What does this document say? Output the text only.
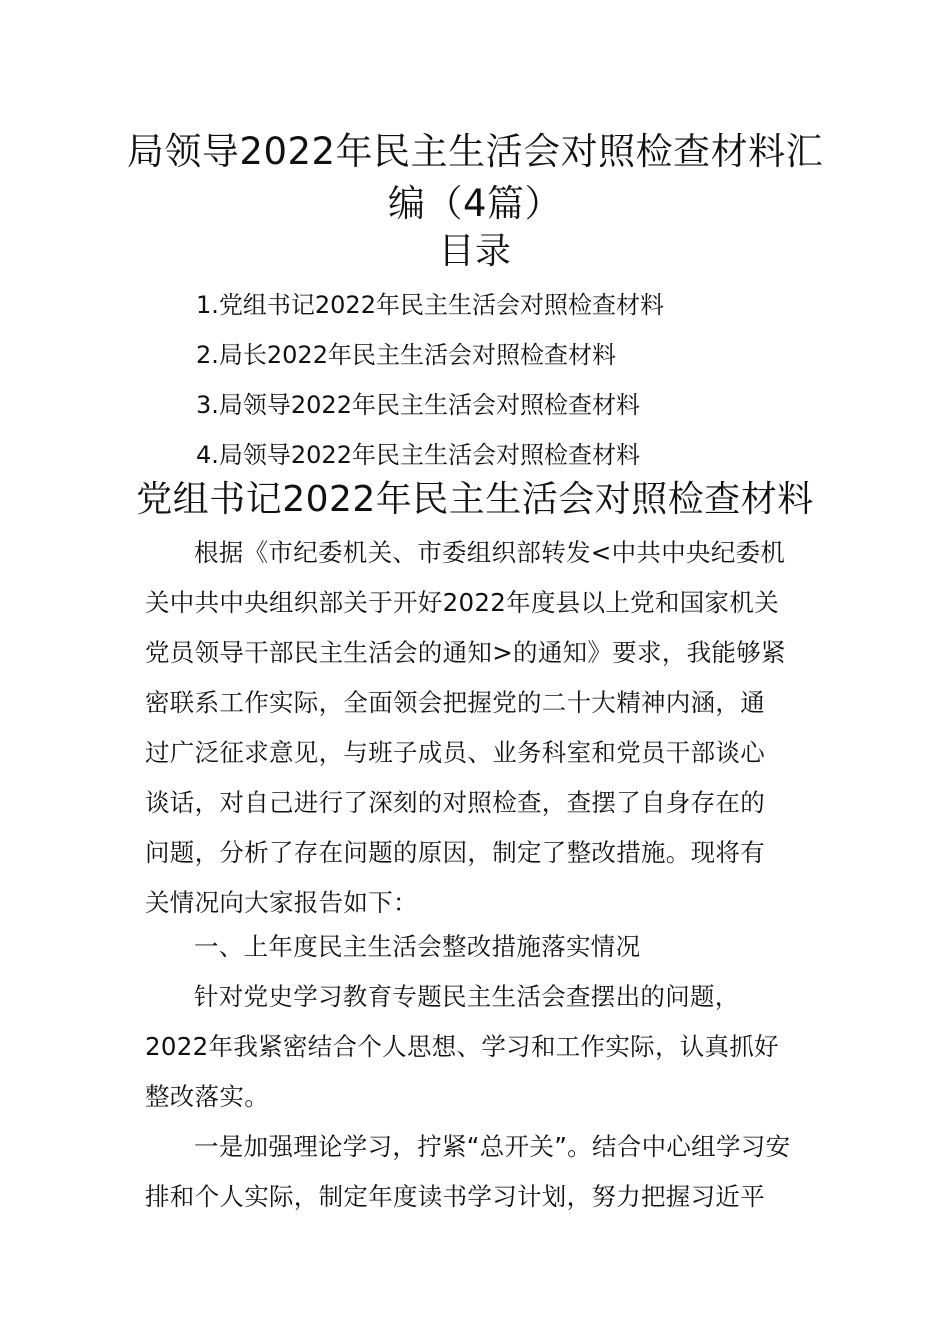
局领导2022年民主生活会对照检查材料汇
编（4篇）
目录
1.党组书记2022年民主生活会对照检查材料
2.局长2022年民主生活会对照检查材料
3.局领导2022年民主生活会对照检查材料
4.局领导2022年民主生活会对照检查材料
党组书记2022年民主生活会对照检查材料

根据《市纪委机关、市委组织部转发<中共中央纪委机

关中共中央组织部关于开好2022年度县以上党和国家机关
党员领导干部民主生活会的通知>的通知》要求，我能够紧
密联系工作实际，全面领会把握党的二十大精神内涵，通
过广泛征求意见，与班子成员、业务科室和党员干部谈心
谈话，对自己进行了深刻的对照检查，查摆了自身存在的
问题，分析了存在问题的原因，制定了整改措施。现将有
关情况向大家报告如下：

一、上年度民主生活会整改措施落实情况

针对党史学习教育专题民主生活会查摆出的问题，

2022年我紧密结合个人思想、学习和工作实际，认真抓好
整改落实。

一是加强理论学习，拧紧“总开关”。结合中心组学习安

排和个人实际，制定年度读书学习计划，努力把握习近平
